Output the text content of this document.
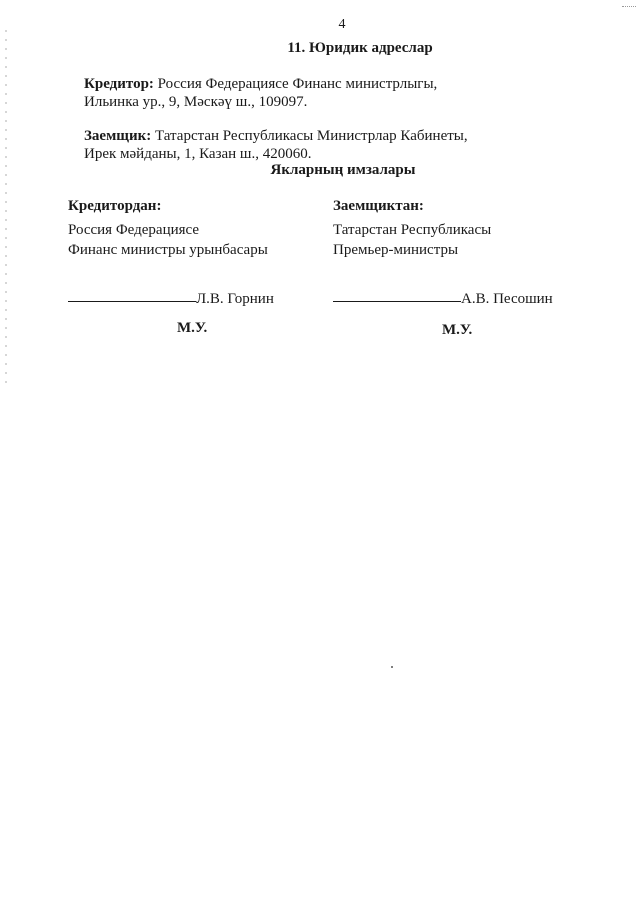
4
11. Юридик адреслар
Кредитор: Россия Федерациясе Финанс министрлыгы,
Ильинка ур., 9, Мәскәү ш., 109097.
Заемщик: Татарстан Республикасы Министрлар Кабинеты,
Ирек мәйданы, 1, Казан ш., 420060.
Якларның имзалары
Кредитордан:
Россия Федерациясе
Финанс министры урынбасары
Л.В. Горнин
М.У.
Заемщиктан:
Татарстан Республикасы
Премьер-министры
А.В. Песошин
М.У.
